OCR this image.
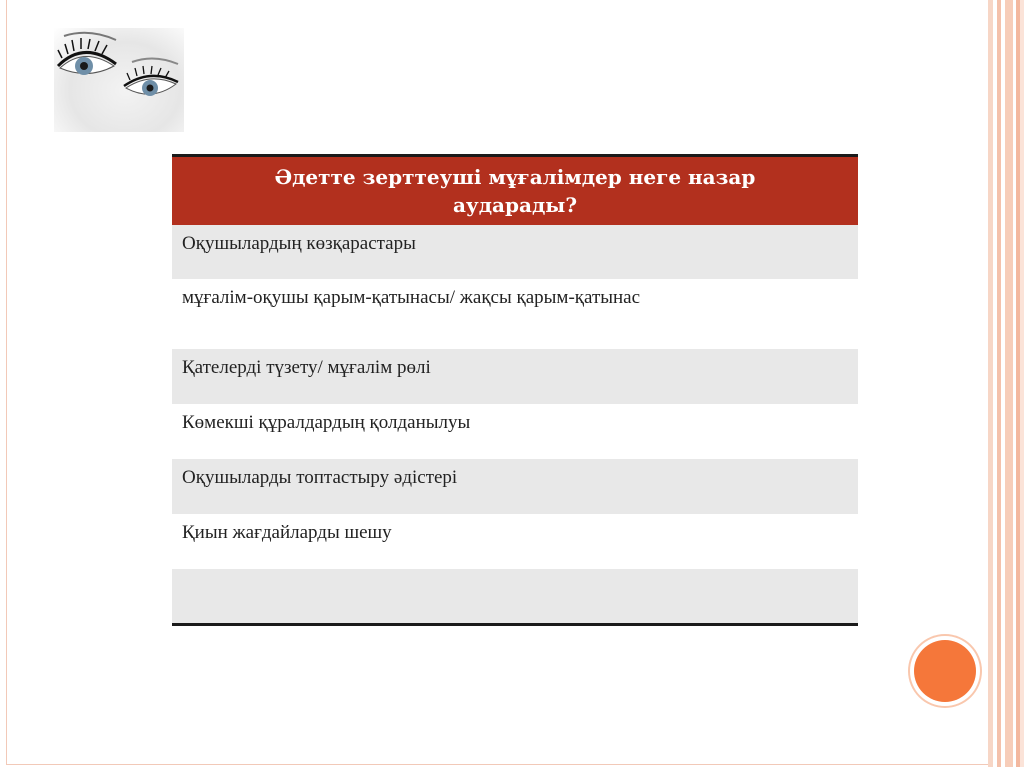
Әдетте зерттеуші мұғалімдер неге назар аударады?
Оқушылардың көзқарастары
мұғалім-оқушы қарым-қатынасы/ жақсы қарым-қатынас
Қателерді түзету/ мұғалім рөлі
Көмекші құралдардың қолданылуы
Оқушыларды топтастыру әдістері
Қиын жағдайларды шешу
